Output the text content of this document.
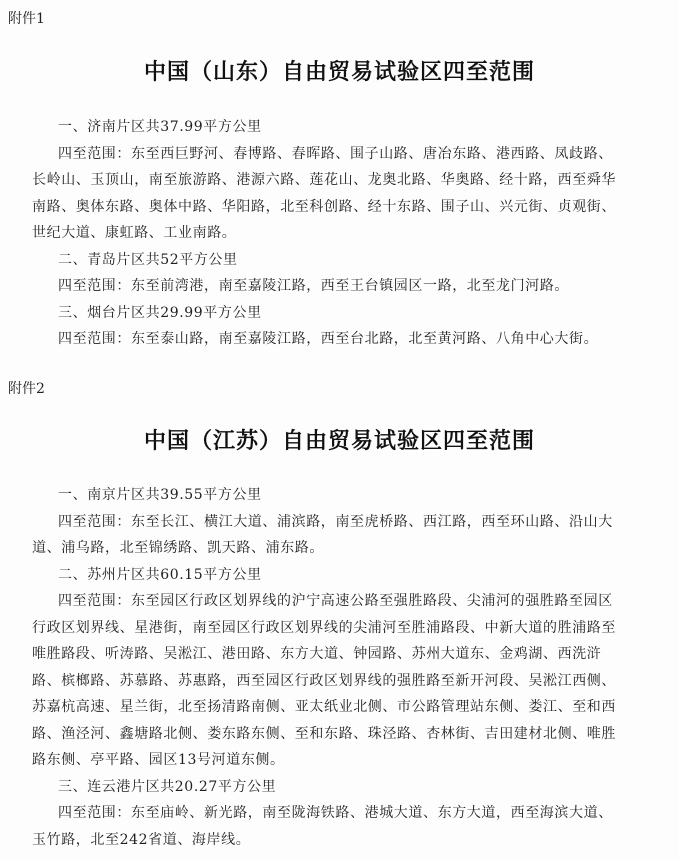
附件1
中国（山东）自由贸易试验区四至范围
一、济南片区共37.99平方公里
四至范围：东至西巨野河、春博路、春晖路、围子山路、唐冶东路、港西路、凤歧路、
长岭山、玉顶山，南至旅游路、港源六路、莲花山、龙奥北路、华奥路、经十路，西至舜华
南路、奥体东路、奥体中路、华阳路，北至科创路、经十东路、围子山、兴元街、贞观街、
世纪大道、康虹路、工业南路。
二、青岛片区共52平方公里
四至范围：东至前湾港，南至嘉陵江路，西至王台镇园区一路，北至龙门河路。
三、烟台片区共29.99平方公里
四至范围：东至泰山路，南至嘉陵江路，西至台北路，北至黄河路、八角中心大街。
附件2
中国（江苏）自由贸易试验区四至范围
一、南京片区共39.55平方公里
四至范围：东至长江、横江大道、浦滨路，南至虎桥路、西江路，西至环山路、沿山大
道、浦乌路，北至锦绣路、凯天路、浦东路。
二、苏州片区共60.15平方公里
四至范围：东至园区行政区划界线的沪宁高速公路至强胜路段、尖浦河的强胜路至园区
行政区划界线、星港街，南至园区行政区划界线的尖浦河至胜浦路段、中新大道的胜浦路至
唯胜路段、听涛路、吴淞江、港田路、东方大道、钟园路、苏州大道东、金鸡湖、西洗浒
路、槟榔路、苏慕路、苏惠路，西至园区行政区划界线的强胜路至新开河段、吴淞江西侧、
苏嘉杭高速、星兰街，北至扬清路南侧、亚太纸业北侧、市公路管理站东侧、娄江、至和西
路、渔泾河、鑫塘路北侧、娄东路东侧、至和东路、珠泾路、杏林街、吉田建材北侧、唯胜
路东侧、亭平路、园区13号河道东侧。
三、连云港片区共20.27平方公里
四至范围：东至庙岭、新光路，南至陇海铁路、港城大道、东方大道，西至海滨大道、
玉竹路，北至242省道、海岸线。
